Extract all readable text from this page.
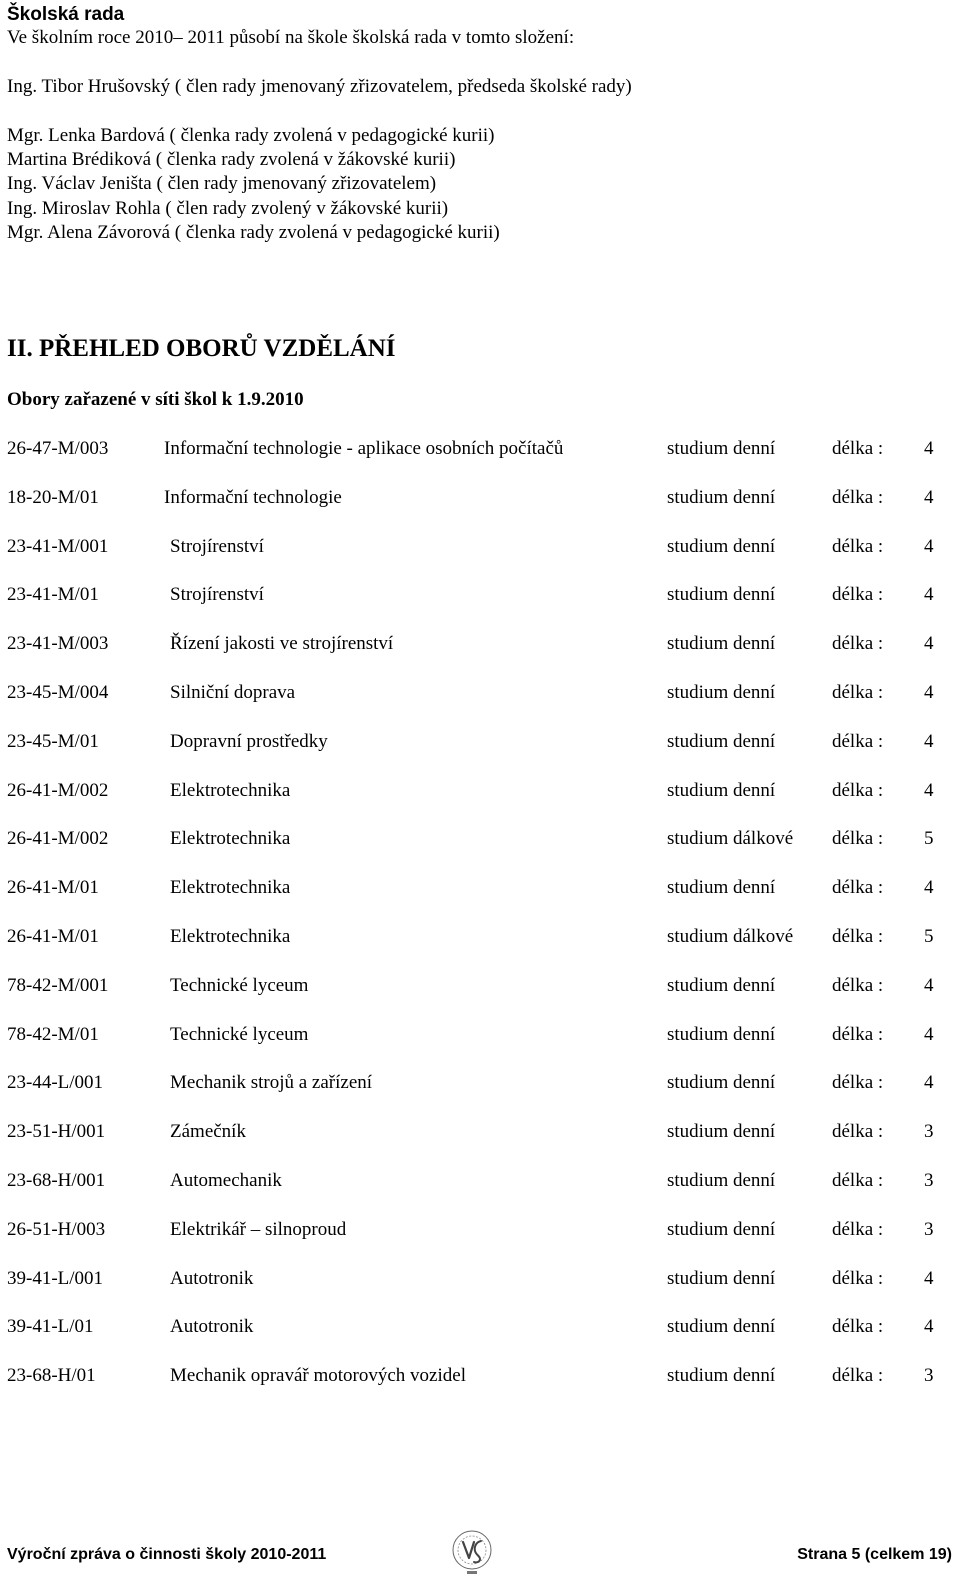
Školská rada
Ve školním roce 2010– 2011 působí na škole školská rada v tomto složení:
Ing. Tibor Hrušovský ( člen rady jmenovaný zřizovatelem, předseda školské rady)
Mgr. Lenka Bardová ( členka rady zvolená v pedagogické kurii)
Martina Brédiková ( členka rady zvolená v žákovské kurii)
Ing. Václav Jeništa ( člen rady jmenovaný zřizovatelem)
Ing. Miroslav Rohla ( člen rady zvolený v žákovské kurii)
Mgr. Alena Závorová ( členka rady zvolená v pedagogické kurii)
II. PŘEHLED OBORŮ VZDĚLÁNÍ
Obory zařazené v síti škol k 1.9.2010
26-47-M/003	Informační technologie - aplikace osobních počítačů	studium denní	délka : 4
18-20-M/01	Informační technologie	studium denní	délka : 4
23-41-M/001	Strojírenství	studium denní	délka : 4
23-41-M/01	Strojírenství	studium denní	délka : 4
23-41-M/003	Řízení jakosti ve strojírenství	studium denní	délka : 4
23-45-M/004	Silniční doprava	studium denní	délka : 4
23-45-M/01	Dopravní prostředky	studium denní	délka : 4
26-41-M/002	Elektrotechnika	studium denní	délka : 4
26-41-M/002	Elektrotechnika	studium dálkové délka : 5
26-41-M/01	Elektrotechnika	studium denní	délka : 4
26-41-M/01	Elektrotechnika	studium dálkové délka : 5
78-42-M/001	Technické lyceum	studium denní	délka : 4
78-42-M/01	Technické lyceum	studium denní	délka : 4
23-44-L/001	Mechanik strojů a zařízení	studium denní	délka : 4
23-51-H/001	Zámečník	studium denní	délka : 3
23-68-H/001	Automechanik	studium denní	délka : 3
26-51-H/003	Elektrikář – silnoproud	studium denní	délka : 3
39-41-L/001	Autotronik	studium denní	délka : 4
39-41-L/01	Autotronik	studium denní	délka : 4
23-68-H/01	Mechanik opravář motorových vozidel	studium denní	délka : 3
Výroční zpráva o činnosti školy 2010-2011	Strana 5 (celkem 19)
